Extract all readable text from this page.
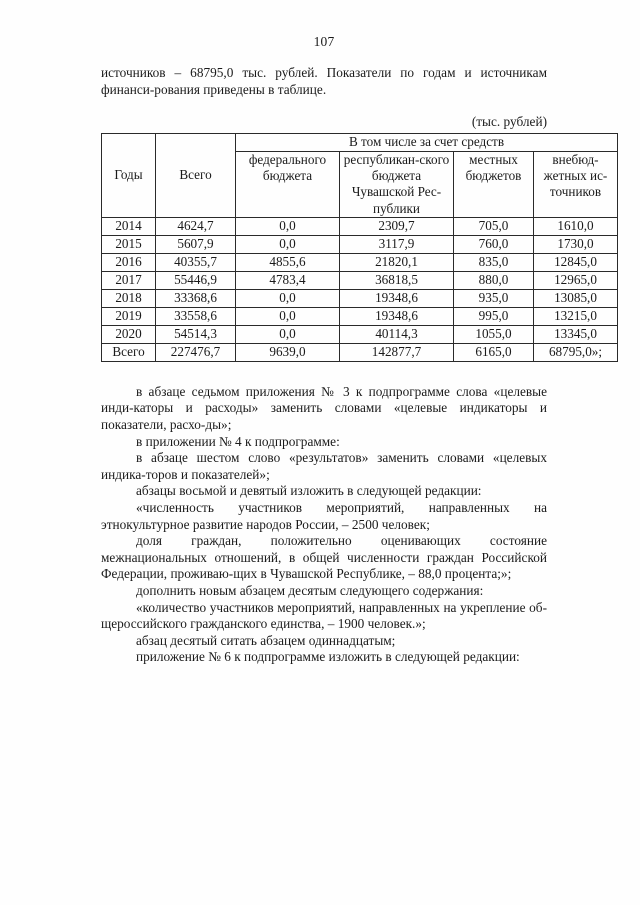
107

источников – 68795,0 тыс. рублей. Показатели по годам и источникам финанси-рования приведены в таблице.

(тыс. рублей)
Годы	Всего	В том числе за счет средств			
		федерального бюджета	республикан-ского бюджета Чувашской Рес-публики	местных бюджетов	внебюд-жетных ис-точников
2014	4624,7	0,0	2309,7	705,0	1610,0
2015	5607,9	0,0	3117,9	760,0	1730,0
2016	40355,7	4855,6	21820,1	835,0	12845,0
2017	55446,9	4783,4	36818,5	880,0	12965,0
2018	33368,6	0,0	19348,6	935,0	13085,0
2019	33558,6	0,0	19348,6	995,0	13215,0
2020	54514,3	0,0	40114,3	1055,0	13345,0
Всего	227476,7	9639,0	142877,7	6165,0	68795,0»;

в абзаце седьмом приложения № 3 к подпрограмме слова «целевые инди-каторы и расходы» заменить словами «целевые индикаторы и показатели, расхо-ды»;

в приложении № 4 к подпрограмме:

в абзаце шестом слово «результатов» заменить словами «целевых индика-торов и показателей»;

абзацы восьмой и девятый изложить в следующей редакции:

«численность участников мероприятий, направленных на этнокультурное развитие народов России, – 2500 человек;

доля граждан, положительно оценивающих состояние межнациональных отношений, в общей численности граждан Российской Федерации, проживаю-щих в Чувашской Республике, – 88,0 процента;»;

дополнить новым абзацем десятым следующего содержания:

«количество участников мероприятий, направленных на укрепление об-щероссийского гражданского единства, – 1900 человек.»;

абзац десятый ситать абзацем одиннадцатым;

приложение № 6 к подпрограмме изложить в следующей редакции:
